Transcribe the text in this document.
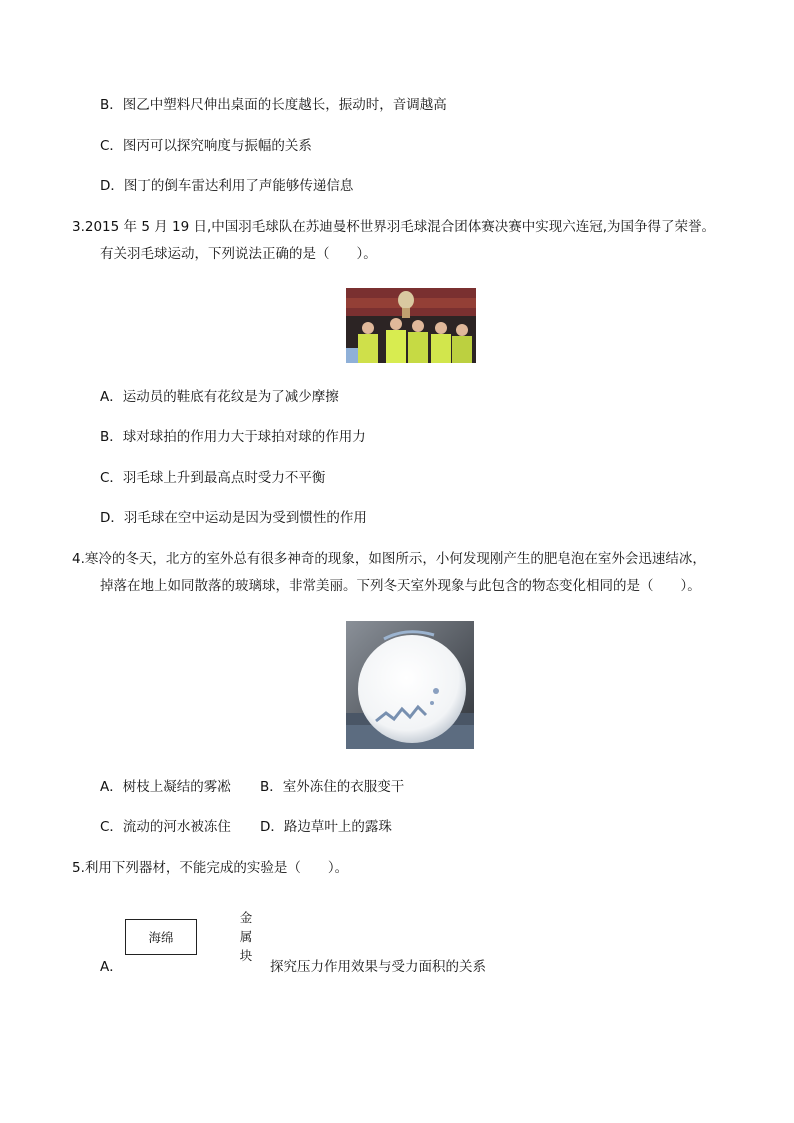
B．图乙中塑料尺伸出桌面的长度越长，振动时，音调越高
C．图丙可以探究响度与振幅的关系
D．图丁的倒车雷达利用了声能够传递信息
3.2015 年 5 月 19 日,中国羽毛球队在苏迪曼杯世界羽毛球混合团体赛决赛中实现六连冠,为国争得了荣誉。
有关羽毛球运动，下列说法正确的是（　　）。
A．运动员的鞋底有花纹是为了减少摩擦
B．球对球拍的作用力大于球拍对球的作用力
C．羽毛球上升到最高点时受力不平衡
D．羽毛球在空中运动是因为受到惯性的作用
4.寒冷的冬天，北方的室外总有很多神奇的现象，如图所示，小何发现刚产生的肥皂泡在室外会迅速结冰，
掉落在地上如同散落的玻璃球，非常美丽。下列冬天室外现象与此包含的物态变化相同的是（　　）。
A．树枝上凝结的雾凇 B．室外冻住的衣服变干
C．流动的河水被冻住 D．路边草叶上的露珠
5.利用下列器材，不能完成的实验是（　　）。
海绵
金属块
A．	探究压力作用效果与受力面积的关系
